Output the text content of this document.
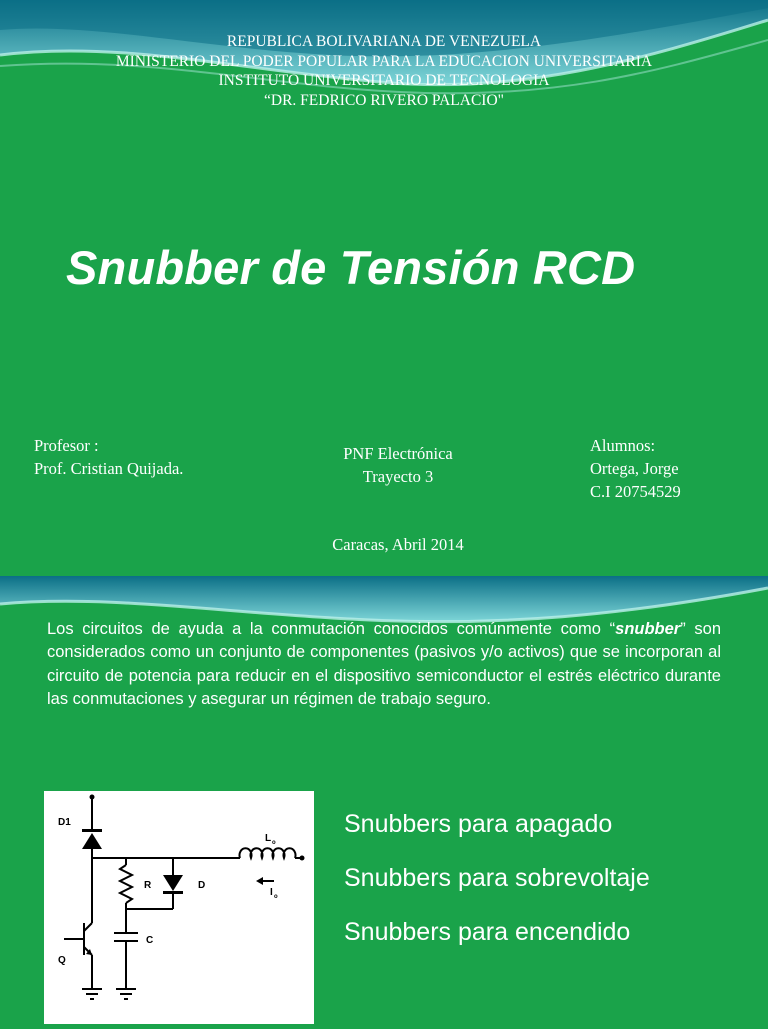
REPUBLICA BOLIVARIANA DE VENEZUELA
MINISTERIO DEL PODER POPULAR PARA LA EDUCACION UNIVERSITARIA
INSTITUTO UNIVERSITARIO DE TECNOLOGIA
“DR. FEDRICO RIVERO PALACIO"
Snubber de Tensión RCD
Profesor :
Prof. Cristian Quijada.
PNF Electrónica
Trayecto 3
Alumnos:
Ortega, Jorge
C.I 20754529
Caracas, Abril 2014

Los circuitos de ayuda a la conmutación conocidos comúnmente como “snubber” son considerados como un conjunto de componentes (pasivos y/o activos) que se incorporan al circuito de potencia para reducir en el dispositivo semiconductor el estrés eléctrico durante las conmutaciones y asegurar un régimen de trabajo seguro.

D1
R	D
C
Q
L o
I o
Snubbers para apagado
Snubbers para sobrevoltaje
Snubbers para encendido
